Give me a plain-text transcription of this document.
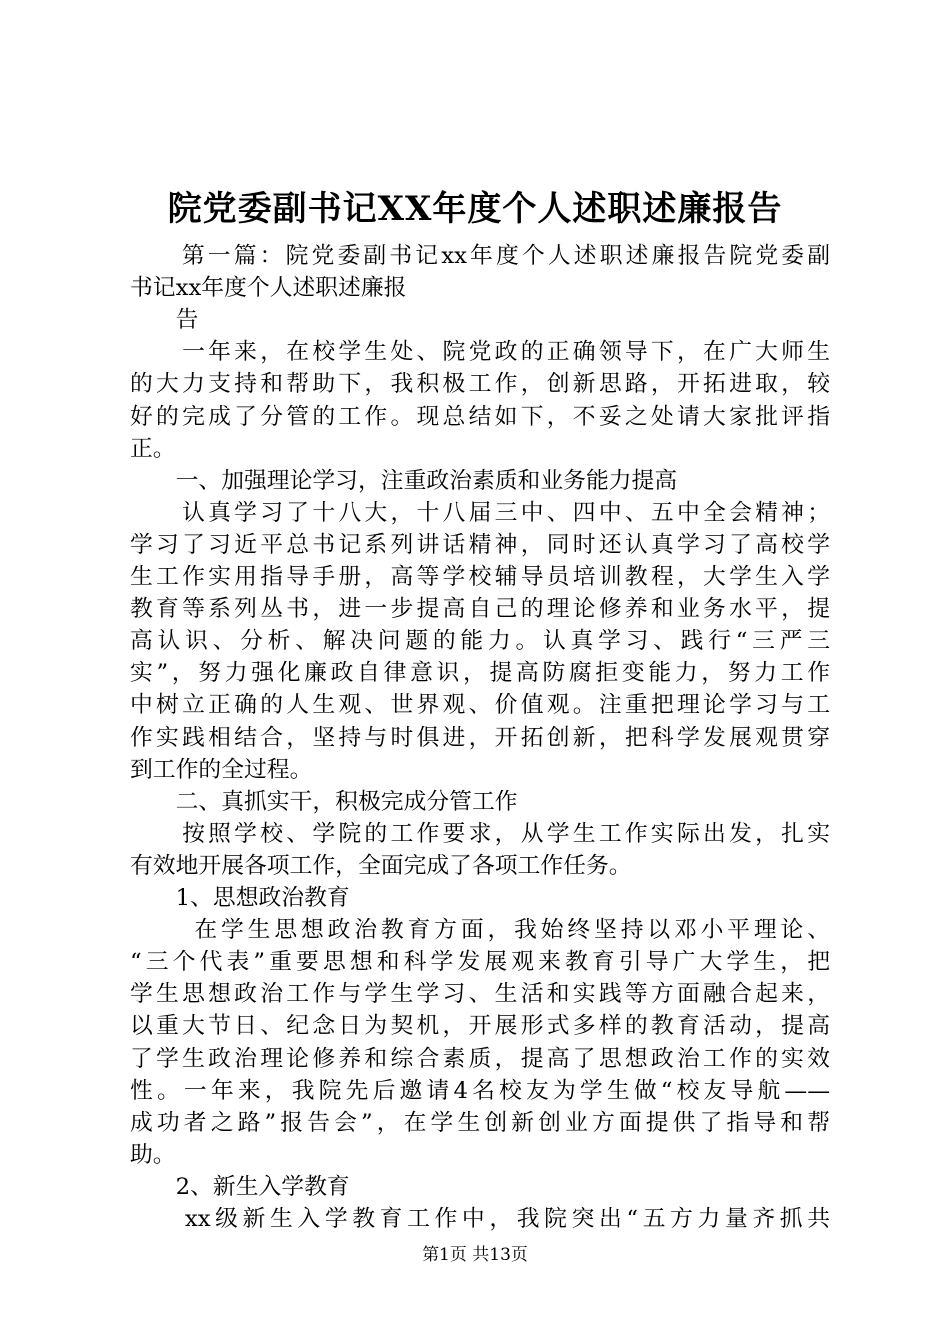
院党委副书记XX年度个人述职述廉报告
　　第一篇：院党委副书记xx年度个人述职述廉报告院党委副
书记xx年度个人述职述廉报
　　告
　　一年来，在校学生处、院党政的正确领导下，在广大师生
的大力支持和帮助下，我积极工作，创新思路，开拓进取，较
好的完成了分管的工作。现总结如下，不妥之处请大家批评指
正。
　　一、加强理论学习，注重政治素质和业务能力提高
　　认真学习了十八大，十八届三中、四中、五中全会精神；
学习了习近平总书记系列讲话精神，同时还认真学习了高校学
生工作实用指导手册，高等学校辅导员培训教程，大学生入学
教育等系列丛书，进一步提高自己的理论修养和业务水平，提
高认识、分析、解决问题的能力。认真学习、践行“三严三
实”，努力强化廉政自律意识，提高防腐拒变能力，努力工作
中树立正确的人生观、世界观、价值观。注重把理论学习与工
作实践相结合，坚持与时俱进，开拓创新，把科学发展观贯穿
到工作的全过程。
　　二、真抓实干，积极完成分管工作
　　按照学校、学院的工作要求，从学生工作实际出发，扎实
有效地开展各项工作，全面完成了各项工作任务。
　　1、思想政治教育
　　 在学生思想政治教育方面，我始终坚持以邓小平理论、
“三个代表”重要思想和科学发展观来教育引导广大学生，把
学生思想政治工作与学生学习、生活和实践等方面融合起来，
以重大节日、纪念日为契机，开展形式多样的教育活动，提高
了学生政治理论修养和综合素质，提高了思想政治工作的实效
性。一年来，我院先后邀请4名校友为学生做“校友导航——
成功者之路”报告会”，在学生创新创业方面提供了指导和帮
助。
　　2、新生入学教育
　　xx级新生入学教育工作中，我院突出“五方力量齐抓共
第1页 共13页
